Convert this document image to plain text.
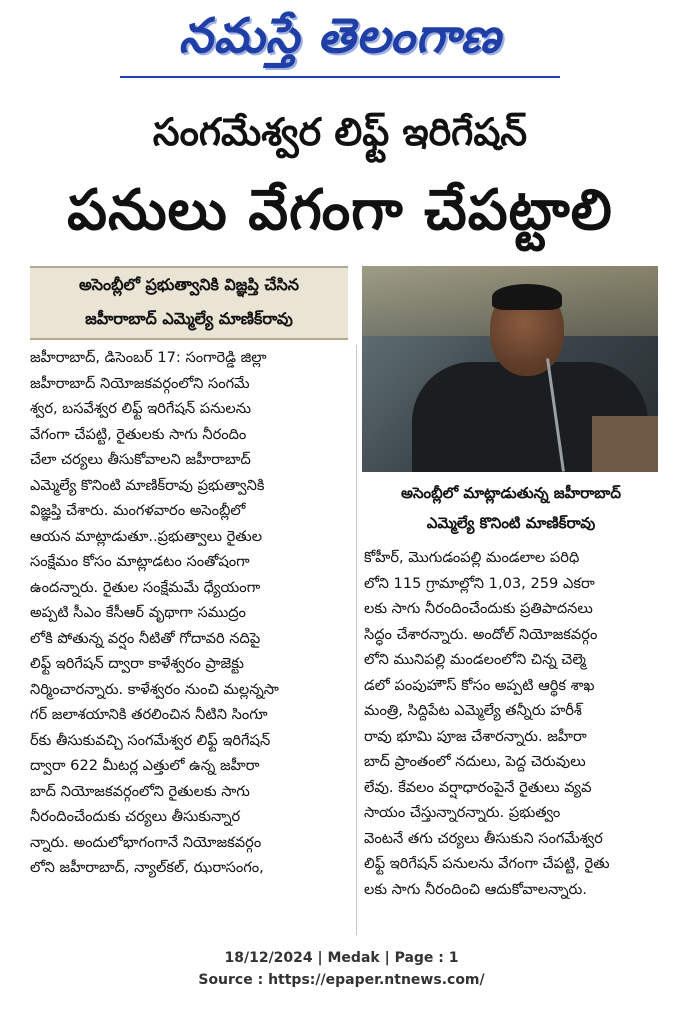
నమస్తే తెలంగాణ
సంగమేశ్వర లిఫ్ట్ ఇరిగేషన్
పనులు వేగంగా చేపట్టాలి
అసెంబ్లీలో ప్రభుత్వానికి విజ్ఞప్తి చేసిన
జహీరాబాద్ ఎమ్మెల్యే మాణిక్‌రావు
అసెంబ్లీలో మాట్లాడుతున్న జహీరాబాద్
ఎమ్మెల్యే కొనింటి మాణిక్‌రావు
జహీరాబాద్, డిసెంబర్ 17: సంగారెడ్డి జిల్లా
జహీరాబాద్ నియోజకవర్గంలోని సంగమే
శ్వర, బసవేశ్వర లిఫ్ట్ ఇరిగేషన్ పనులను
వేగంగా చేపట్టి, రైతులకు సాగు నీరందిం
చేలా చర్యలు తీసుకోవాలని జహీరాబాద్
ఎమ్మెల్యే కొనింటి మాణిక్‌రావు ప్రభుత్వానికి
విజ్ఞప్తి చేశారు. మంగళవారం అసెంబ్లీలో
ఆయన మాట్లాడుతూ..ప్రభుత్వాలు రైతుల
సంక్షేమం కోసం మాట్లాడటం సంతోషంగా
ఉందన్నారు. రైతుల సంక్షేమమే ధ్యేయంగా
అప్పటి సీఎం కేసీఆర్ వృథాగా సముద్రం
లోకి పోతున్న వర్షం నీటితో గోదావరి నదిపై
లిఫ్ట్ ఇరిగేషన్ ద్వారా కాళేశ్వరం ప్రాజెక్టు
నిర్మించారన్నారు. కాళేశ్వరం నుంచి మల్లన్నసా
గర్ జలాశయానికి తరలించిన నీటిని సింగూ
ర్‌కు తీసుకువచ్చి సంగమేశ్వర లిఫ్ట్ ఇరిగేషన్
ద్వారా 622 మీటర్ల ఎత్తులో ఉన్న జహీరా
బాద్ నియోజకవర్గంలోని రైతులకు సాగు
నీరందించేందుకు చర్యలు తీసుకున్నార
న్నారు. అందులోభాగంగానే నియోజకవర్గం
లోని జహీరాబాద్, న్యాల్‌కల్, ఝరాసంగం,
కోహీర్, మొగుడంపల్లి మండలాల పరిధి
లోని 115 గ్రామాల్లోని 1,03, 259 ఎకరా
లకు సాగు నీరందించేందుకు ప్రతిపాదనలు
సిద్ధం చేశారన్నారు. అందోల్ నియోజకవర్గం
లోని మునిపల్లి మండలంలోని చిన్న చెల్మె
డలో పంపుహౌస్ కోసం అప్పటి ఆర్థిక శాఖ
మంత్రి, సిద్దిపేట ఎమ్మెల్యే తన్నీరు హరీశ్
రావు భూమి పూజ చేశారన్నారు. జహీరా
బాద్ ప్రాంతంలో నదులు, పెద్ద చెరువులు
లేవు. కేవలం వర్షాధారంపైనే రైతులు వ్యవ
సాయం చేస్తున్నారన్నారు. ప్రభుత్వం
వెంటనే తగు చర్యలు తీసుకుని సంగమేశ్వర
లిఫ్ట్ ఇరిగేషన్ పనులను వేగంగా చేపట్టి, రైతు
లకు సాగు నీరందించి ఆదుకోవాలన్నారు.
18/12/2024 | Medak | Page : 1
Source : https://epaper.ntnews.com/
